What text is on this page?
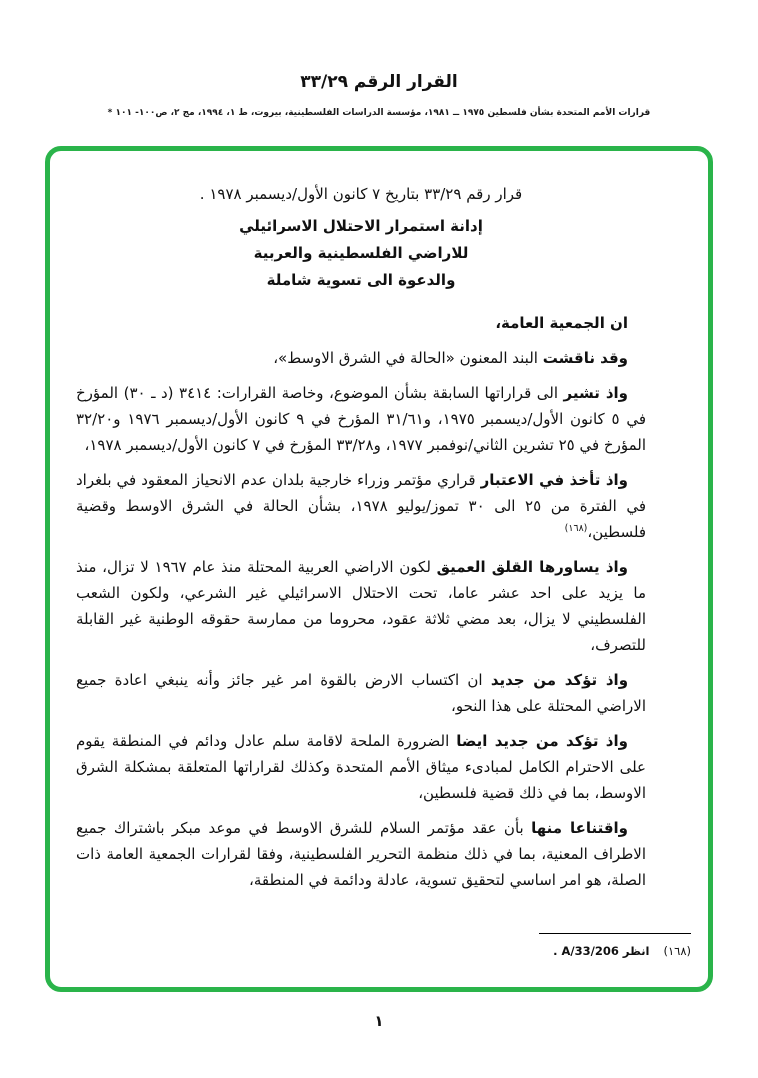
القرار الرقم ٣٣/٢٩
قرارات الأمم المتحدة بشأن فلسطين ١٩٧٥ ــ ١٩٨١، مؤسسة الدراسات الفلسطينية، بيروت، ط ١، ١٩٩٤، مج ٢، ص١٠٠- ١٠١ *

قرار رقم ٣٣/٢٩ بتاريخ ٧ كانون الأول/ديسمبر ١٩٧٨ .

إدانة استمرار الاحتلال الاسرائيلي

للاراضي الفلسطينية والعربية

والدعوة الى تسوية شاملة

ان الجمعية العامة،

وقد ناقشت البند المعنون «الحالة في الشرق الاوسط»،

واذ تشير الى قراراتها السابقة بشأن الموضوع، وخاصة القرارات: ٣٤١٤ (د ـ ٣٠) المؤرخ في ٥ كانون الأول/ديسمبر ١٩٧٥، و٣١/٦١ المؤرخ في ٩ كانون الأول/ديسمبر ١٩٧٦ و٣٢/٢٠ المؤرخ في ٢٥ تشرين الثاني/نوفمبر ١٩٧٧، و٣٣/٢٨ المؤرخ في ٧ كانون الأول/ديسمبر ١٩٧٨،

واذ تأخذ في الاعتبار قراري مؤتمر وزراء خارجية بلدان عدم الانحياز المعقود في بلغراد في الفترة من ٢٥ الى ٣٠ تموز/يوليو ١٩٧٨، بشأن الحالة في الشرق الاوسط وقضية فلسطين،$^{(١٦٨)}$

واذ يساورها القلق العميق لكون الاراضي العربية المحتلة منذ عام ١٩٦٧ لا تزال، منذ ما يزيد على احد عشر عاما، تحت الاحتلال الاسرائيلي غير الشرعي، ولكون الشعب الفلسطيني لا يزال، بعد مضي ثلاثة عقود، محروما من ممارسة حقوقه الوطنية غير القابلة للتصرف،

واذ تؤكد من جديد ان اكتساب الارض بالقوة امر غير جائز وأنه ينبغي اعادة جميع الاراضي المحتلة على هذا النحو،

واذ تؤكد من جديد ايضا الضرورة الملحة لاقامة سلم عادل ودائم في المنطقة يقوم على الاحترام الكامل لمبادىء ميثاق الأمم المتحدة وكذلك لقراراتها المتعلقة بمشكلة الشرق الاوسط، بما في ذلك قضية فلسطين،

واقتناعا منها بأن عقد مؤتمر السلام للشرق الاوسط في موعد مبكر باشتراك جميع الاطراف المعنية، بما في ذلك منظمة التحرير الفلسطينية، وفقا لقرارات الجمعية العامة ذات الصلة، هو امر اساسي لتحقيق تسوية، عادلة ودائمة في المنطقة،

(١٦٨)انظر A/33/206 .

١
